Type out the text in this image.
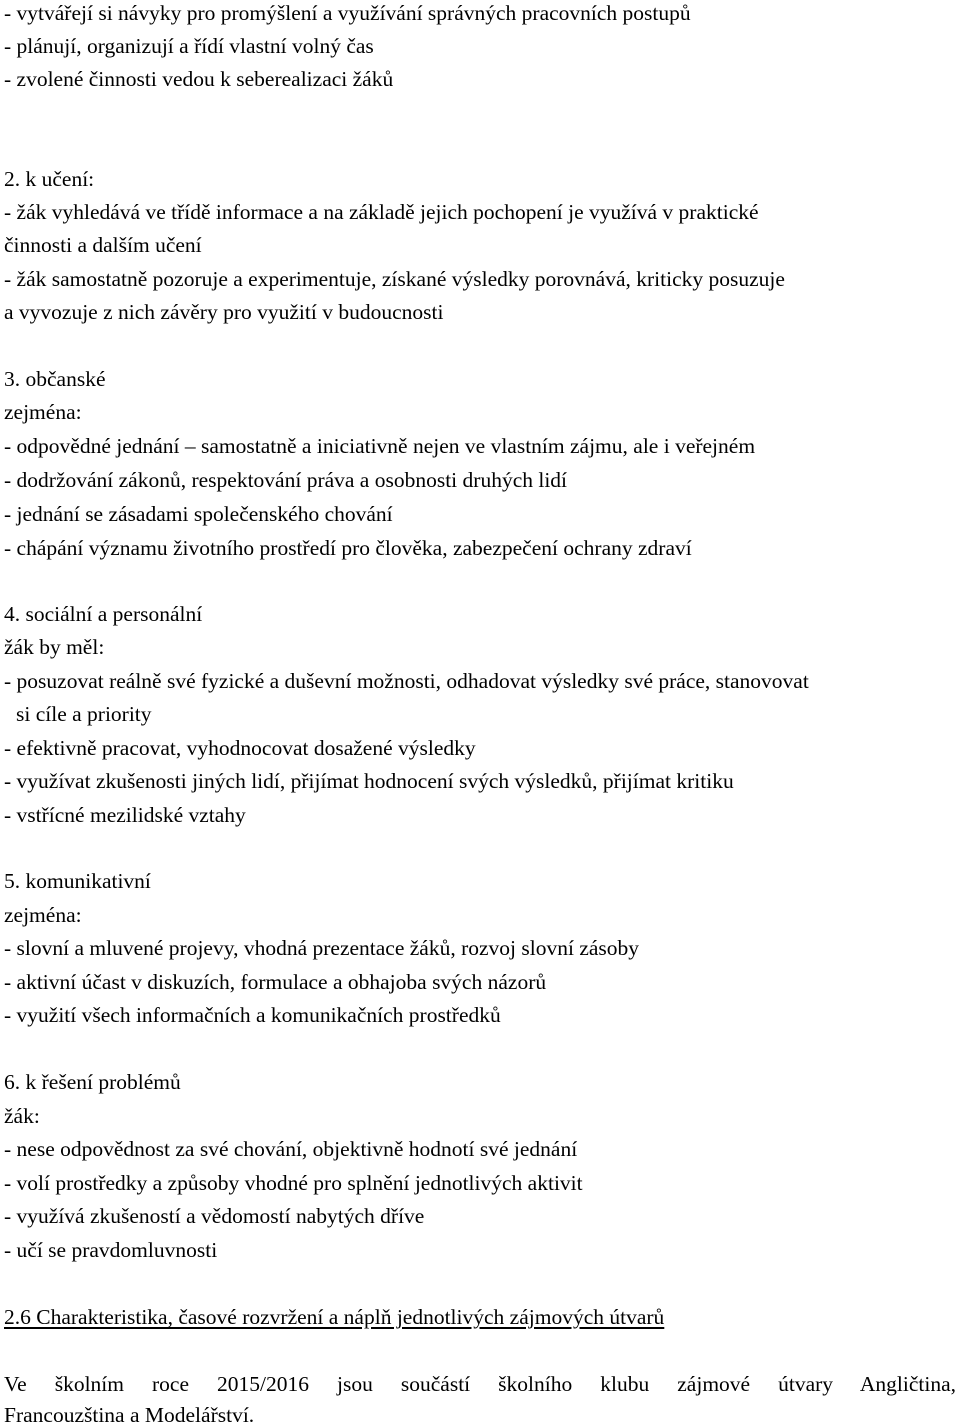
- vytvářejí si návyky pro promýšlení a využívání správných pracovních postupů
- plánují, organizují a řídí vlastní volný čas
- zvolené činnosti vedou k seberealizaci žáků
2. k učení:
- žák vyhledává ve třídě informace a na základě jejich pochopení je využívá v praktické
činnosti a dalším učení
- žák samostatně pozoruje a experimentuje, získané výsledky porovnává, kriticky posuzuje
a vyvozuje z nich závěry pro využití v budoucnosti
3. občanské
zejména:
- odpovědné jednání – samostatně a iniciativně nejen ve vlastním zájmu, ale i veřejném
- dodržování zákonů, respektování práva a osobnosti druhých lidí
- jednání se zásadami společenského chování
- chápání významu životního prostředí pro člověka, zabezpečení ochrany zdraví
4. sociální a personální
žák by měl:
- posuzovat reálně své fyzické a duševní možnosti, odhadovat výsledky své práce, stanovovat
si cíle a priority
- efektivně pracovat, vyhodnocovat dosažené výsledky
- využívat zkušenosti jiných lidí, přijímat hodnocení svých výsledků, přijímat kritiku
- vstřícné mezilidské vztahy
5. komunikativní
zejména:
- slovní a mluvené projevy, vhodná prezentace žáků, rozvoj slovní zásoby
- aktivní účast v diskuzích, formulace a obhajoba svých názorů
- využití všech informačních a komunikačních prostředků
6. k řešení problémů
žák:
- nese odpovědnost za své chování, objektivně hodnotí své jednání
- volí prostředky a způsoby vhodné pro splnění jednotlivých aktivit
- využívá zkušeností a vědomostí nabytých dříve
- učí se pravdomluvnosti
2.6 Charakteristika, časové rozvržení a náplň jednotlivých zájmových útvarů
Ve školním roce 2015/2016 jsou součástí školního klubu zájmové útvary Angličtina,
Francouzština a Modelářství.
